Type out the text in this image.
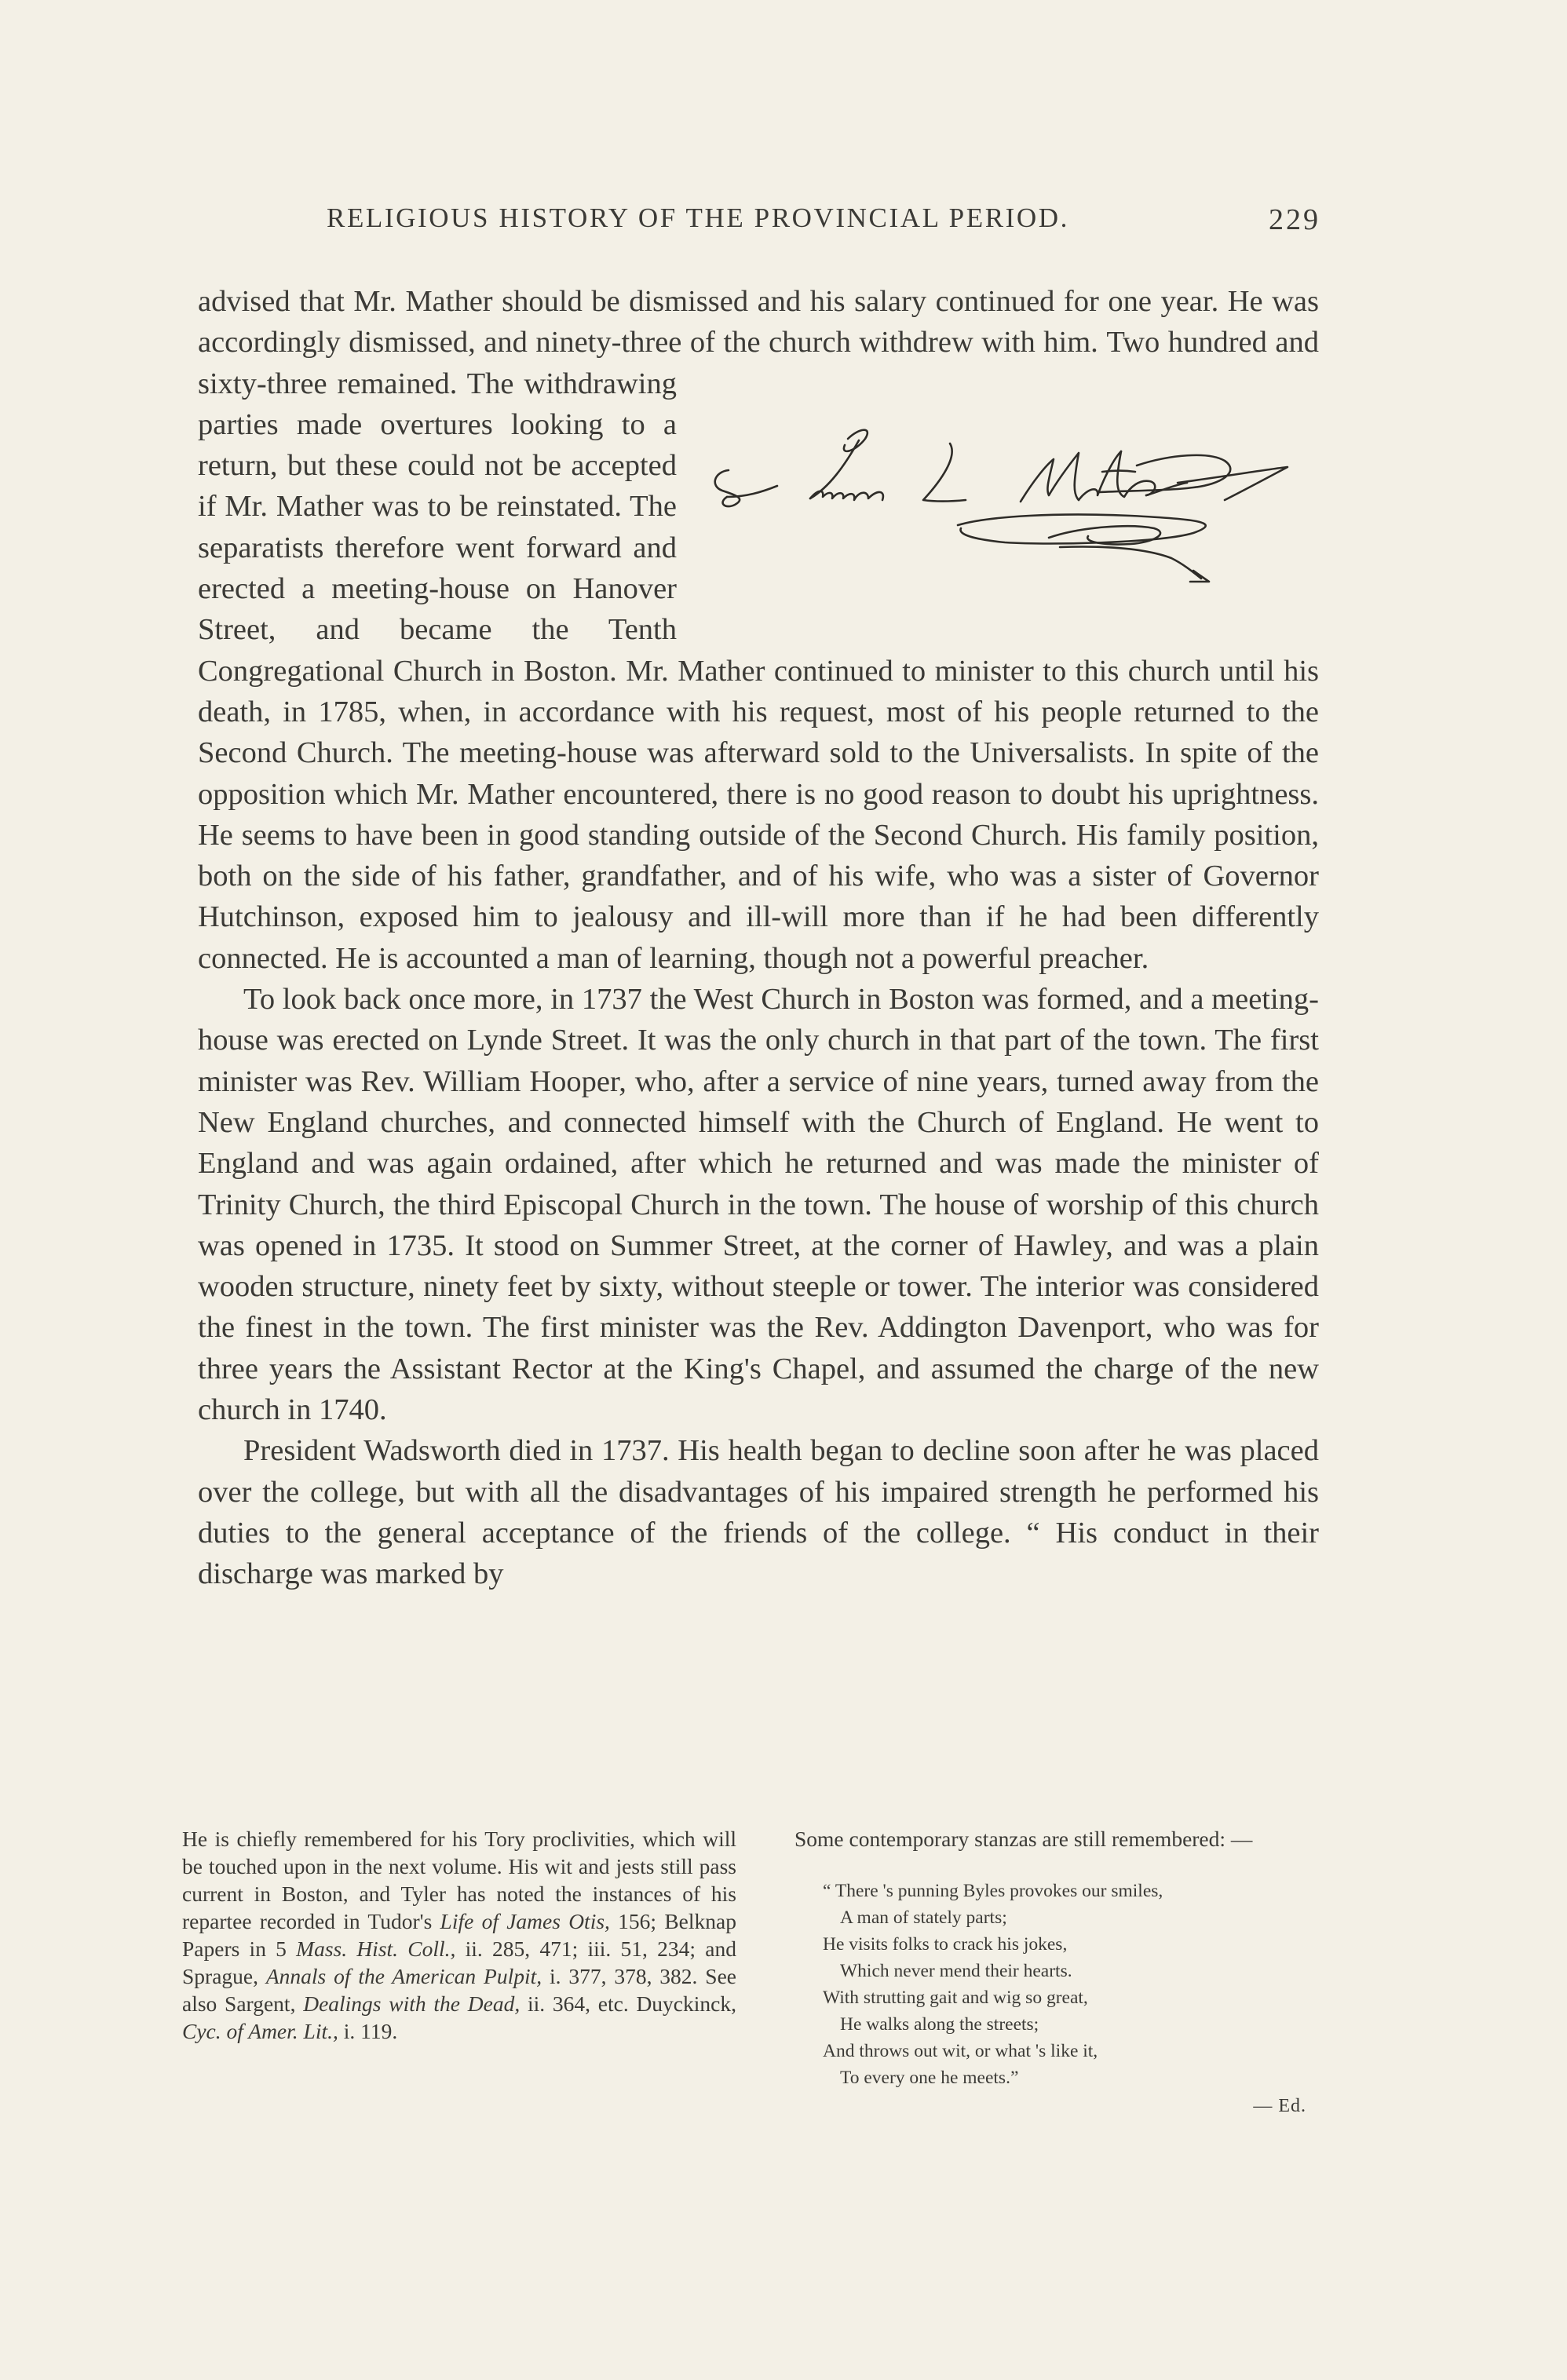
RELIGIOUS HISTORY OF THE PROVINCIAL PERIOD.	229

advised that Mr. Mather should be dismissed and his salary continued for one year. He was accordingly dismissed, and ninety-three of the church withdrew with him. Two hundred and sixty-three remained. The withdrawing parties made overtures looking to a return, but these could not be accepted if Mr. Mather was to be reinstated. The separatists therefore went forward and erected a meeting-house on Hanover Street, and became the Tenth Congregational Church in Boston. Mr. Mather continued to minister to this church until his death, in 1785, when, in accordance with his request, most of his people returned to the Second Church. The meeting-house was afterward sold to the Universalists. In spite of the opposition which Mr. Mather encountered, there is no good reason to doubt his uprightness. He seems to have been in good standing outside of the Second Church. His family position, both on the side of his father, grandfather, and of his wife, who was a sister of Governor Hutchinson, exposed him to jealousy and ill-will more than if he had been differently connected. He is accounted a man of learning, though not a powerful preacher.

To look back once more, in 1737 the West Church in Boston was formed, and a meeting-house was erected on Lynde Street. It was the only church in that part of the town. The first minister was Rev. William Hooper, who, after a service of nine years, turned away from the New England churches, and connected himself with the Church of England. He went to England and was again ordained, after which he returned and was made the minister of Trinity Church, the third Episcopal Church in the town. The house of worship of this church was opened in 1735. It stood on Summer Street, at the corner of Hawley, and was a plain wooden structure, ninety feet by sixty, without steeple or tower. The interior was considered the finest in the town. The first minister was the Rev. Addington Davenport, who was for three years the Assistant Rector at the King's Chapel, and assumed the charge of the new church in 1740.

President Wadsworth died in 1737. His health began to decline soon after he was placed over the college, but with all the disadvantages of his impaired strength he performed his duties to the general acceptance of the friends of the college. “ His conduct in their discharge was marked by

He is chiefly remembered for his Tory proclivities, which will be touched upon in the next volume. His wit and jests still pass current in Boston, and Tyler has noted the instances of his repartee recorded in Tudor's Life of James Otis, 156; Belknap Papers in 5 Mass. Hist. Coll., ii. 285, 471; iii. 51, 234; and Sprague, Annals of the American Pulpit, i. 377, 378, 382. See also Sargent, Dealings with the Dead, ii. 364, etc. Duyckinck, Cyc. of Amer. Lit., i. 119.

Some contemporary stanzas are still remembered: —

“ There 's punning Byles provokes our smiles,
A man of stately parts;
He visits folks to crack his jokes,
Which never mend their hearts.
With strutting gait and wig so great,
He walks along the streets;
And throws out wit, or what 's like it,
To every one he meets.”
— Ed.
